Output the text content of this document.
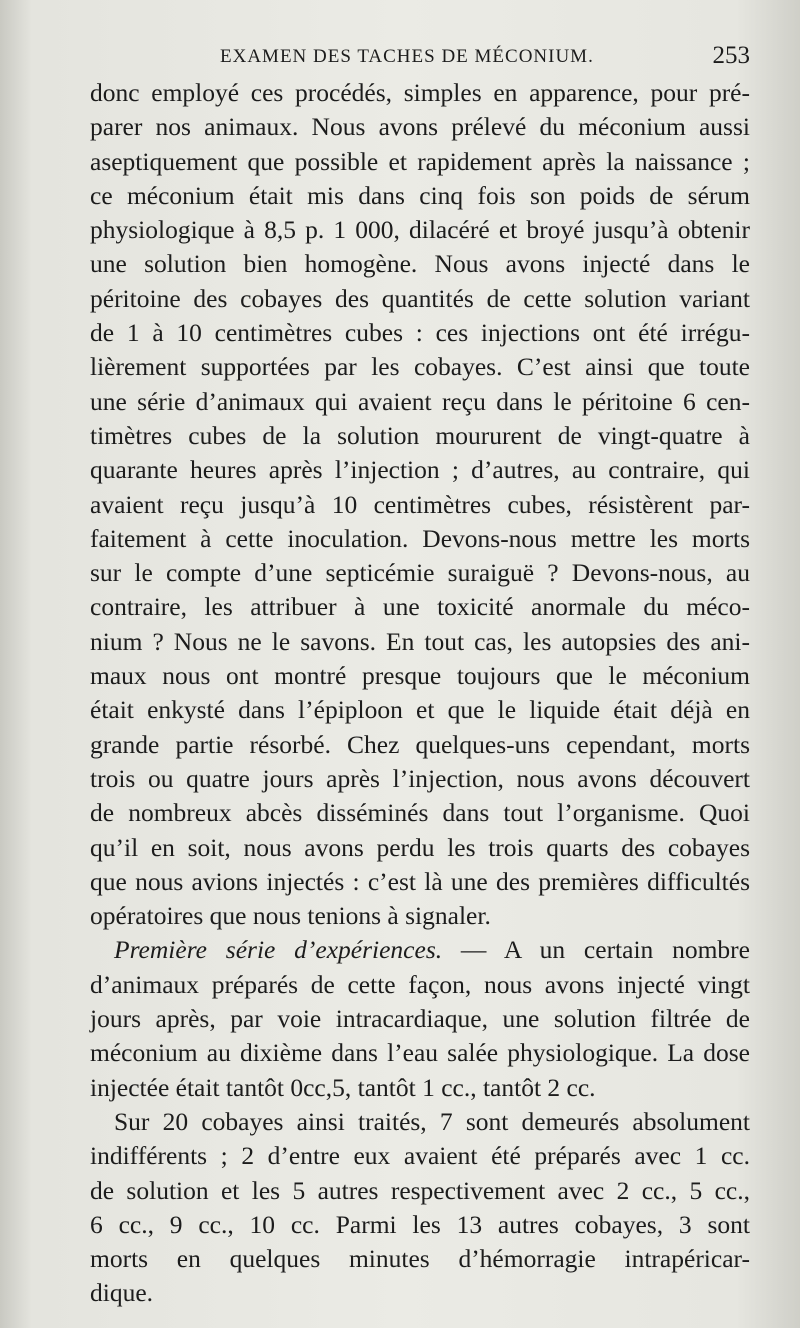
EXAMEN DES TACHES DE MÉCONIUM.	253
donc employé ces procédés, simples en apparence, pour pré-
parer nos animaux. Nous avons prélevé du méconium aussi
aseptiquement que possible et rapidement après la naissance ;
ce méconium était mis dans cinq fois son poids de sérum
physiologique à 8,5 p. 1 000, dilacéré et broyé jusqu’à obtenir
une solution bien homogène. Nous avons injecté dans le
péritoine des cobayes des quantités de cette solution variant
de 1 à 10 centimètres cubes : ces injections ont été irrégu-
lièrement supportées par les cobayes. C’est ainsi que toute
une série d’animaux qui avaient reçu dans le péritoine 6 cen-
timètres cubes de la solution moururent de vingt-quatre à
quarante heures après l’injection ; d’autres, au contraire, qui
avaient reçu jusqu’à 10 centimètres cubes, résistèrent par-
faitement à cette inoculation. Devons-nous mettre les morts
sur le compte d’une septicémie suraiguë ? Devons-nous, au
contraire, les attribuer à une toxicité anormale du méco-
nium ? Nous ne le savons. En tout cas, les autopsies des ani-
maux nous ont montré presque toujours que le méconium
était enkysté dans l’épiploon et que le liquide était déjà en
grande partie résorbé. Chez quelques-uns cependant, morts
trois ou quatre jours après l’injection, nous avons découvert
de nombreux abcès disséminés dans tout l’organisme. Quoi
qu’il en soit, nous avons perdu les trois quarts des cobayes
que nous avions injectés : c’est là une des premières difficultés
opératoires que nous tenions à signaler.
Première série d’expériences. — A un certain nombre
d’animaux préparés de cette façon, nous avons injecté vingt
jours après, par voie intracardiaque, une solution filtrée de
méconium au dixième dans l’eau salée physiologique. La dose
injectée était tantôt 0cc,5, tantôt 1 cc., tantôt 2 cc.
Sur 20 cobayes ainsi traités, 7 sont demeurés absolument
indifférents ; 2 d’entre eux avaient été préparés avec 1 cc.
de solution et les 5 autres respectivement avec 2 cc., 5 cc.,
6 cc., 9 cc., 10 cc. Parmi les 13 autres cobayes, 3 sont
morts en quelques minutes d’hémorragie intrapéricar-
dique.
